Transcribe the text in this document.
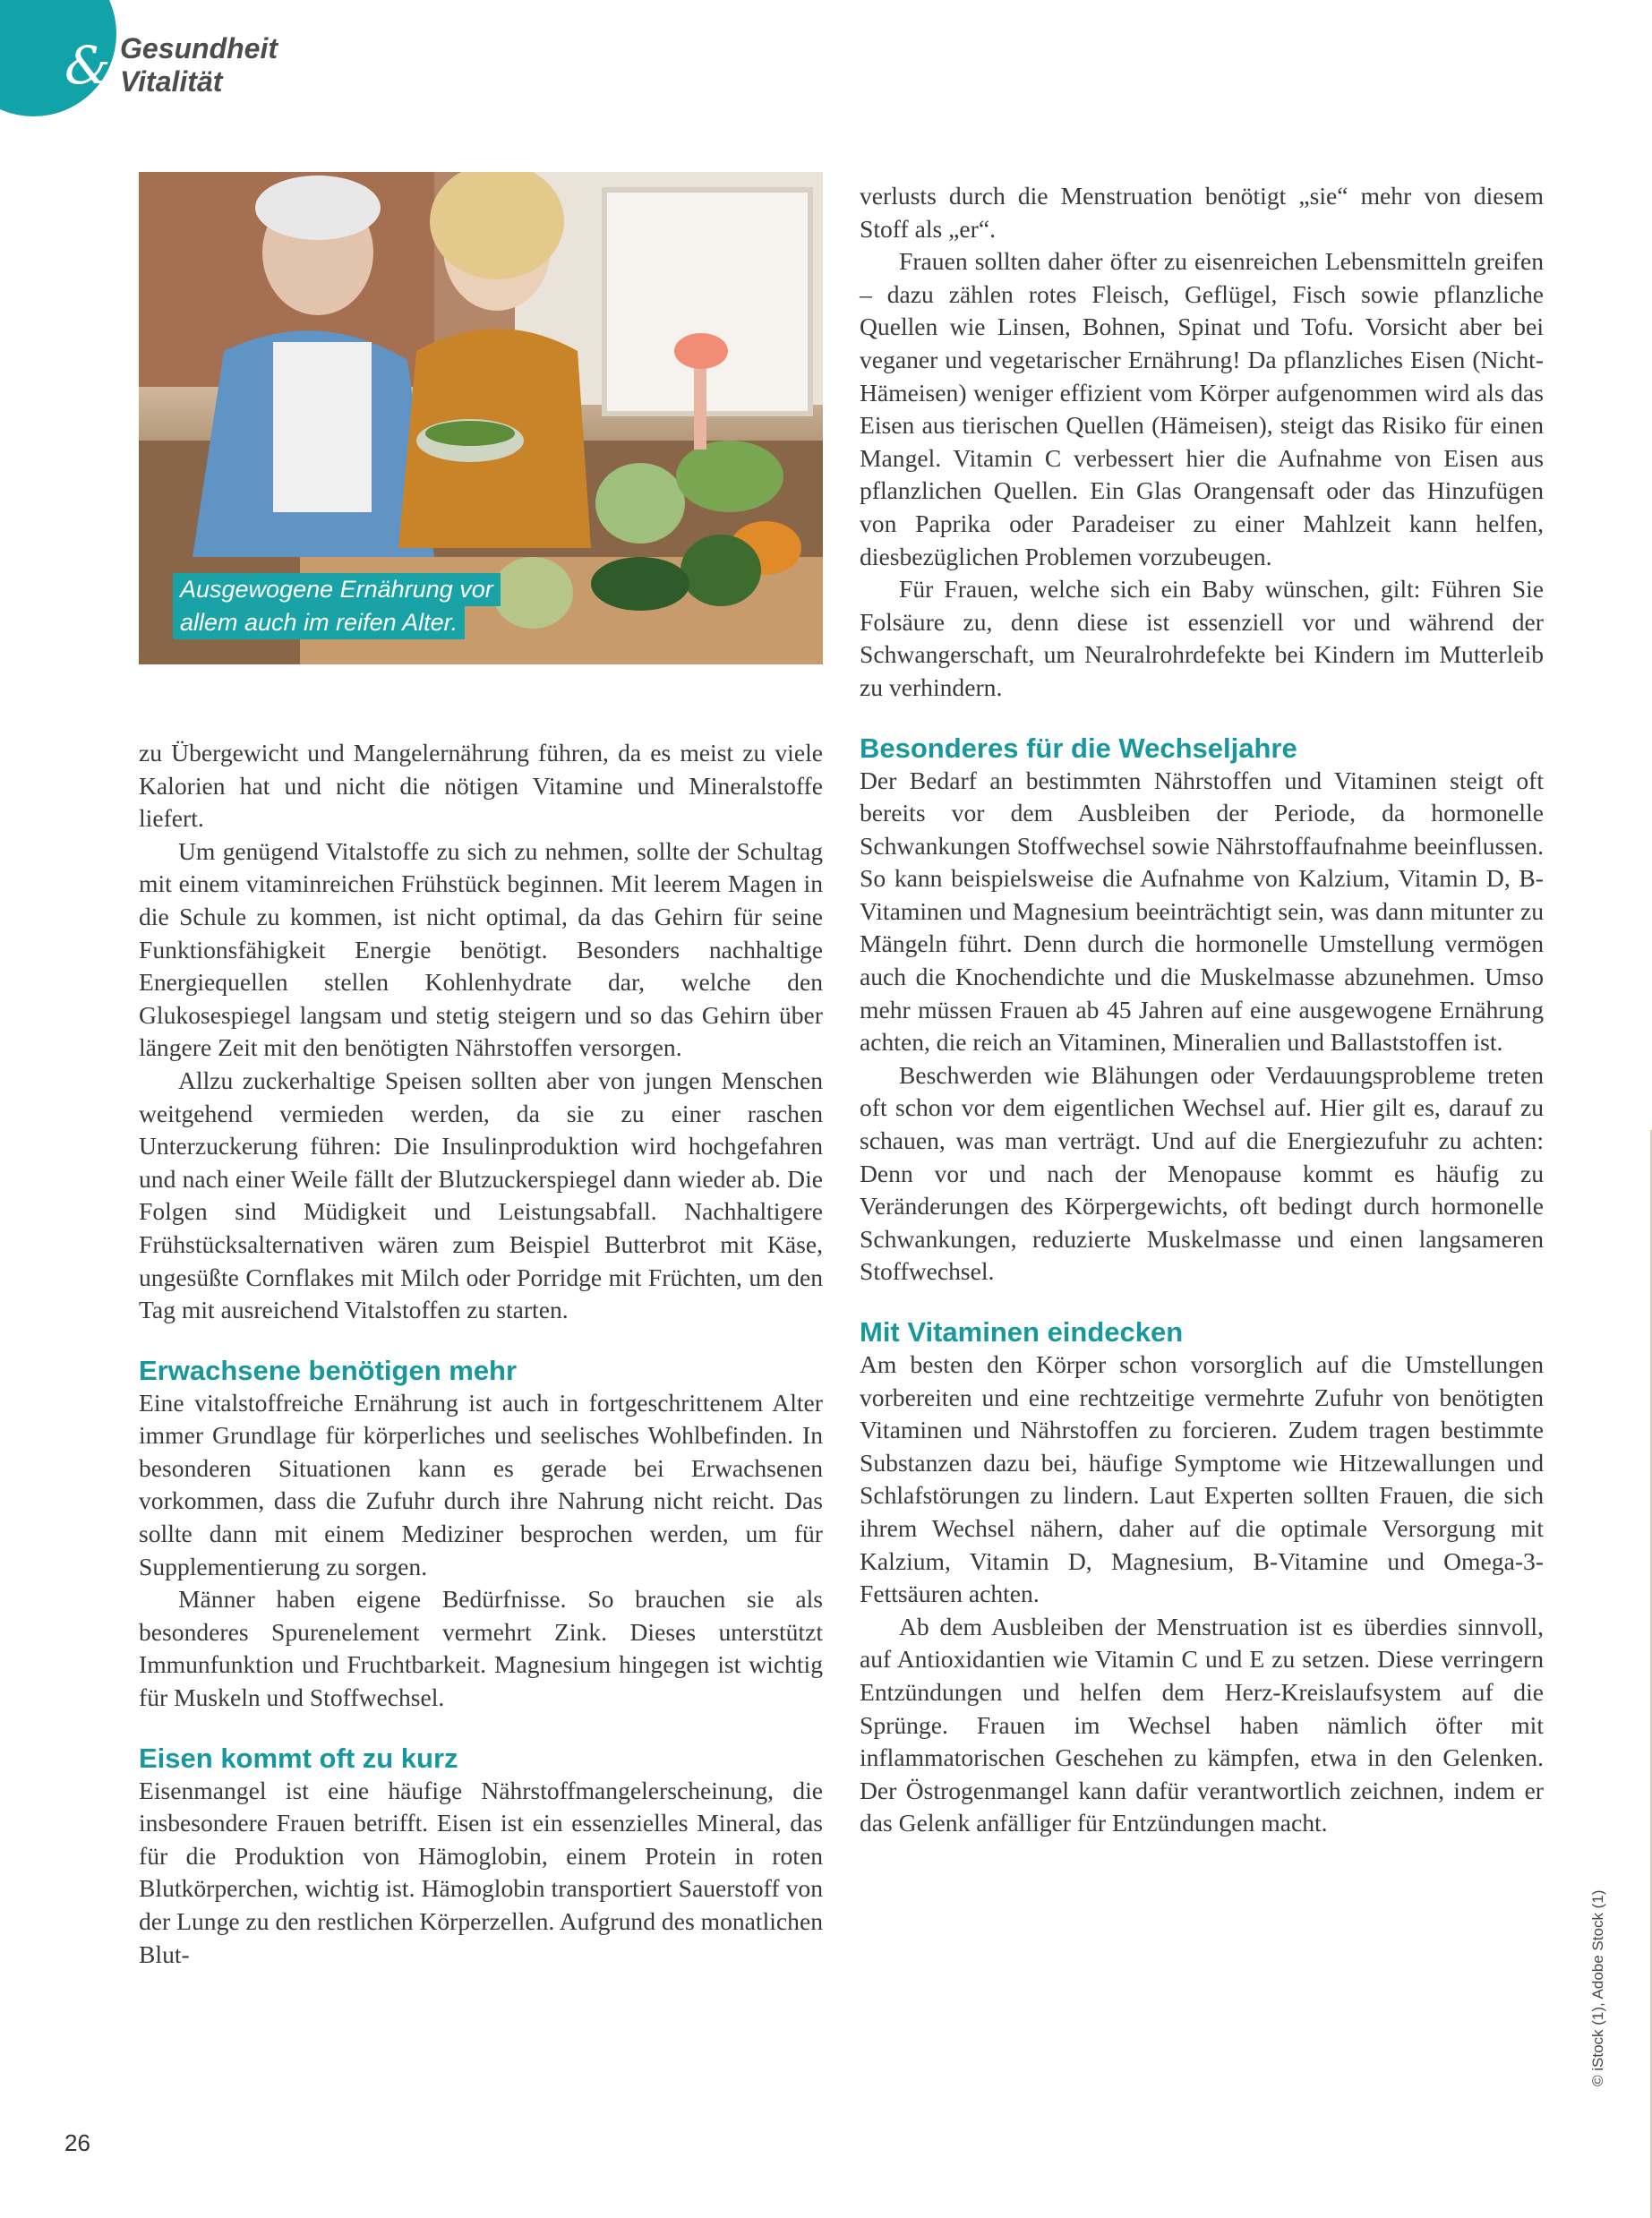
& Gesundheit
Vitalität
Ausgewogene Ernährung vor
allem auch im reifen Alter.

zu Übergewicht und Mangelernährung führen, da es meist zu viele Kalorien hat und nicht die nötigen Vitamine und Mineralstoffe liefert.

Um genügend Vitalstoffe zu sich zu nehmen, sollte der Schultag mit einem vitaminreichen Frühstück beginnen. Mit leerem Magen in die Schule zu kommen, ist nicht optimal, da das Gehirn für seine Funktionsfähigkeit Energie benötigt. Besonders nachhaltige Energiequellen stellen Kohlenhydrate dar, welche den Glukosespiegel langsam und stetig steigern und so das Gehirn über längere Zeit mit den benötigten Nährstoffen versorgen.

Allzu zuckerhaltige Speisen sollten aber von jungen Menschen weitgehend vermieden werden, da sie zu einer raschen Unterzuckerung führen: Die Insulinproduktion wird hochgefahren und nach einer Weile fällt der Blutzuckerspiegel dann wieder ab. Die Folgen sind Müdigkeit und Leistungsabfall. Nachhaltigere Frühstücksalternativen wären zum Beispiel Butterbrot mit Käse, ungesüßte Cornflakes mit Milch oder Porridge mit Früchten, um den Tag mit ausreichend Vitalstoffen zu starten.

Erwachsene benötigen mehr

Eine vitalstoffreiche Ernährung ist auch in fortgeschrittenem Alter immer Grundlage für körperliches und seelisches Wohlbefinden. In besonderen Situationen kann es gerade bei Erwachsenen vorkommen, dass die Zufuhr durch ihre Nahrung nicht reicht. Das sollte dann mit einem Mediziner besprochen werden, um für Supplementierung zu sorgen.

Männer haben eigene Bedürfnisse. So brauchen sie als besonderes Spurenelement vermehrt Zink. Dieses unterstützt Immunfunktion und Fruchtbarkeit. Magnesium hingegen ist wichtig für Muskeln und Stoffwechsel.

Eisen kommt oft zu kurz

Eisenmangel ist eine häufige Nährstoffmangelerscheinung, die insbesondere Frauen betrifft. Eisen ist ein essenzielles Mineral, das für die Produktion von Hämoglobin, einem Protein in roten Blutkörperchen, wichtig ist. Hämoglobin transportiert Sauerstoff von der Lunge zu den restlichen Körperzellen. Aufgrund des monatlichen Blut-

verlusts durch die Menstruation benötigt „sie“ mehr von diesem Stoff als „er“.

Frauen sollten daher öfter zu eisenreichen Lebensmitteln greifen – dazu zählen rotes Fleisch, Geflügel, Fisch sowie pflanzliche Quellen wie Linsen, Bohnen, Spinat und Tofu. Vorsicht aber bei veganer und vegetarischer Ernährung! Da pflanzliches Eisen (Nicht-Hämeisen) weniger effizient vom Körper aufgenommen wird als das Eisen aus tierischen Quellen (Hämeisen), steigt das Risiko für einen Mangel. Vitamin C verbessert hier die Aufnahme von Eisen aus pflanzlichen Quellen. Ein Glas Orangensaft oder das Hinzufügen von Paprika oder Paradeiser zu einer Mahlzeit kann helfen, diesbezüglichen Problemen vorzubeugen.

Für Frauen, welche sich ein Baby wünschen, gilt: Führen Sie Folsäure zu, denn diese ist essenziell vor und während der Schwangerschaft, um Neuralrohrdefekte bei Kindern im Mutterleib zu verhindern.

Besonderes für die Wechseljahre

Der Bedarf an bestimmten Nährstoffen und Vitaminen steigt oft bereits vor dem Ausbleiben der Periode, da hormonelle Schwankungen Stoffwechsel sowie Nährstoffaufnahme beeinflussen. So kann beispielsweise die Aufnahme von Kalzium, Vitamin D, B-Vitaminen und Magnesium beeinträchtigt sein, was dann mitunter zu Mängeln führt. Denn durch die hormonelle Umstellung vermögen auch die Knochendichte und die Muskelmasse abzunehmen. Umso mehr müssen Frauen ab 45 Jahren auf eine ausgewogene Ernährung achten, die reich an Vitaminen, Mineralien und Ballaststoffen ist.

Beschwerden wie Blähungen oder Verdauungsprobleme treten oft schon vor dem eigentlichen Wechsel auf. Hier gilt es, darauf zu schauen, was man verträgt. Und auf die Energiezufuhr zu achten: Denn vor und nach der Menopause kommt es häufig zu Veränderungen des Körpergewichts, oft bedingt durch hormonelle Schwankungen, reduzierte Muskelmasse und einen langsameren Stoffwechsel.

Mit Vitaminen eindecken

Am besten den Körper schon vorsorglich auf die Umstellungen vorbereiten und eine rechtzeitige vermehrte Zufuhr von benötigten Vitaminen und Nährstoffen zu forcieren. Zudem tragen bestimmte Substanzen dazu bei, häufige Symptome wie Hitzewallungen und Schlafstörungen zu lindern. Laut Experten sollten Frauen, die sich ihrem Wechsel nähern, daher auf die optimale Versorgung mit Kalzium, Vitamin D, Magnesium, B-Vitamine und Omega-3-Fettsäuren achten.

Ab dem Ausbleiben der Menstruation ist es überdies sinnvoll, auf Antioxidantien wie Vitamin C und E zu setzen. Diese verringern Entzündungen und helfen dem Herz-Kreislaufsystem auf die Sprünge. Frauen im Wechsel haben nämlich öfter mit inflammatorischen Geschehen zu kämpfen, etwa in den Gelenken. Der Östrogenmangel kann dafür verantwortlich zeichnen, indem er das Gelenk anfälliger für Entzündungen macht.

26
© iStock (1), Adobe Stock (1)
